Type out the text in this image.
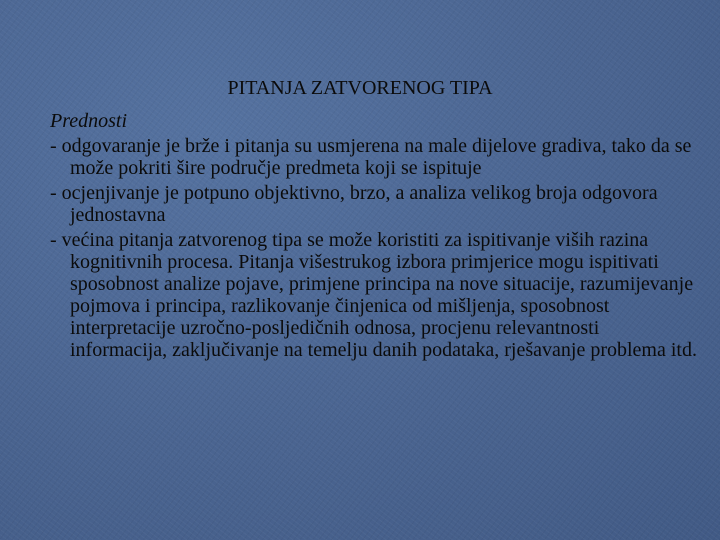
PITANJA ZATVORENOG TIPA
Prednosti
- odgovaranje je brže i pitanja su usmjerena na male dijelove gradiva, tako da se može pokriti šire područje predmeta koji se ispituje
- ocjenjivanje je potpuno objektivno, brzo, a analiza velikog broja odgovora jednostavna
- većina pitanja zatvorenog tipa se može koristiti za ispitivanje viših razina kognitivnih procesa. Pitanja višestrukog izbora primjerice mogu ispitivati sposobnost analize pojave, primjene principa na nove situacije, razumijevanje pojmova i principa, razlikovanje činjenica od mišljenja, sposobnost interpretacije uzročno-posljedičnih odnosa, procjenu relevantnosti informacija, zaključivanje na temelju danih podataka, rješavanje problema itd.
